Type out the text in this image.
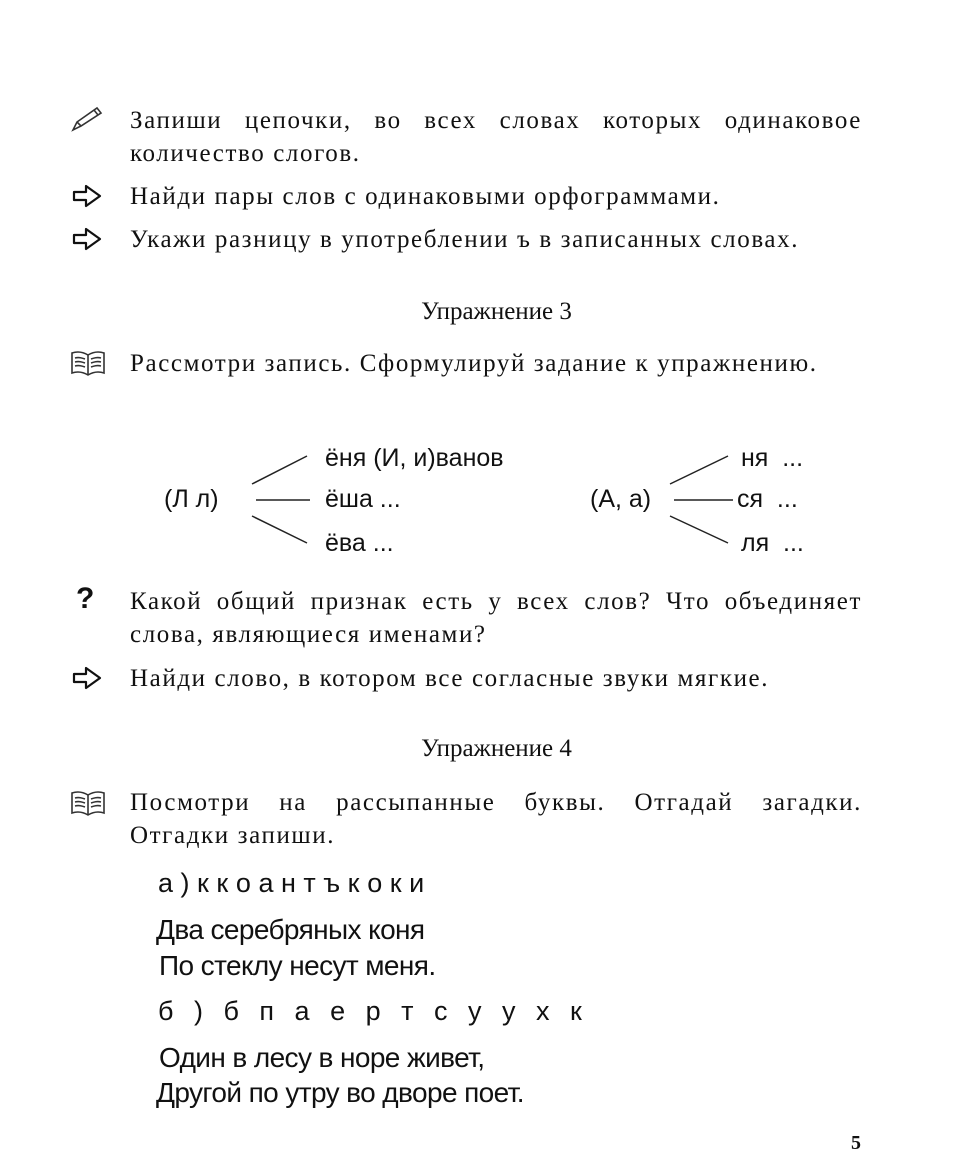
Запиши цепочки, во всех словах которых одинаковое количество слогов.
Найди пары слов с одинаковыми орфограммами.
Укажи разницу в употреблении ъ в записанных словах.
Упражнение 3
Рассмотри запись. Сформулируй задание к упражнению.
(Л л)
ёня (И, и)ванов
ёша ...
ёва ...
(А, а)
ня  ...
ся  ...
ля  ...
? Какой общий признак есть у всех слов? Что объединяет слова, являющиеся именами?
Найди слово, в котором все согласные звуки мягкие.
Упражнение 4
Посмотри на рассыпанные буквы. Отгадай загадки. Отгадки запиши.
а)ккоантъкоки
Два серебряных коня
По стеклу несут меня.
б ) б п а е р т с у у х к
Один в лесу в норе живет,
Другой по утру во дворе поет.
5
